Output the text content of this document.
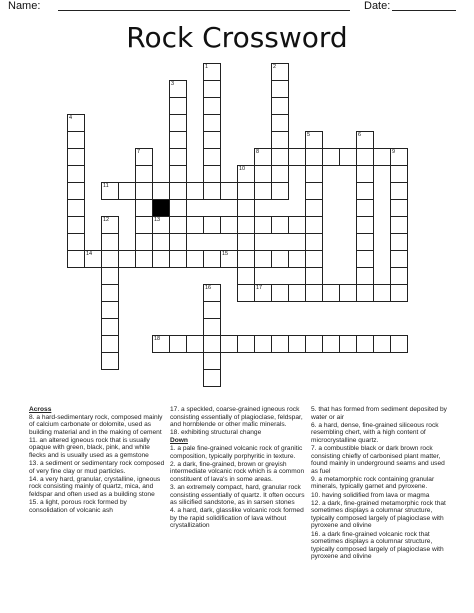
Name:	Date:
Rock Crossword
1	2
3
4
5	6
7	8	9
10
11
12	13
14	15
16	17
18
Across
8. a hard-sedimentary rock, composed mainly of calcium carbonate or dolomite, used as building material and in the making of cement
11. an altered igneous rock that is usually opaque with green, black, pink, and white flecks and is usually used as a gemstone
13. a sediment or sedimentary rock composed of very fine clay or mud particles.
14. a very hard, granular, crystalline, igneous rock consisting mainly of quartz, mica, and feldspar and often used as a building stone
15. a light, porous rock formed by consolidation of volcanic ash
17. a speckled, coarse-grained igneous rock consisting essentially of plagioclase, feldspar, and hornblende or other mafic minerals.
18. exhibiting structural change
Down
1. a pale fine-grained volcanic rock of granitic composition, typically porphyritic in texture.
2. a dark, fine-grained, brown or greyish intermediate volcanic rock which is a common constituent of lava's in some areas.
3. an extremely compact, hard, granular rock consisting essentially of quartz. It often occurs as silicified sandstone, as in sarsen stones
4. a hard, dark, glasslike volcanic rock formed by the rapid solidification of lava without crystallization
5. that has formed from sediment deposited by water or air
6. a hard, dense, fine-grained siliceous rock resembling chert, with a high content of microcrystalline quartz.
7. a combustible black or dark brown rock consisting chiefly of carbonised plant matter, found mainly in underground seams and used as fuel
9. a metamorphic rock containing granular minerals, typically garnet and pyroxene.
10. having solidified from lava or magma
12. a dark, fine-grained metamorphic rock that sometimes displays a columnar structure, typically composed largely of plagioclase with pyroxene and olivine
16. a dark fine-grained volcanic rock that sometimes displays a columnar structure, typically composed largely of plagioclase with pyroxene and olivine
